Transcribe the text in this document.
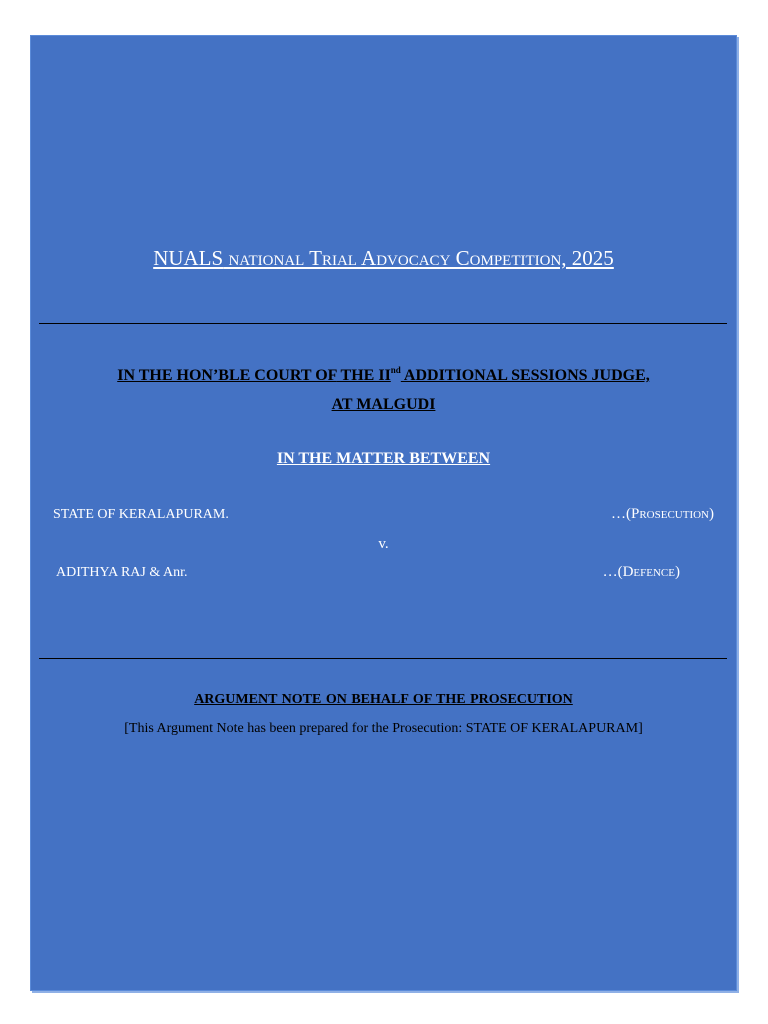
NUALS national Trial Advocacy Competition, 2025
IN THE HON’BLE COURT OF THE IInd ADDITIONAL SESSIONS JUDGE,
AT MALGUDI
IN THE MATTER BETWEEN
STATE OF KERALAPURAM.	…(Prosecution)
v.
ADITHYA RAJ & Anr.	…(Defence)
ARGUMENT NOTE ON BEHALF OF THE PROSECUTION
[This Argument Note has been prepared for the Prosecution: STATE OF KERALAPURAM]
